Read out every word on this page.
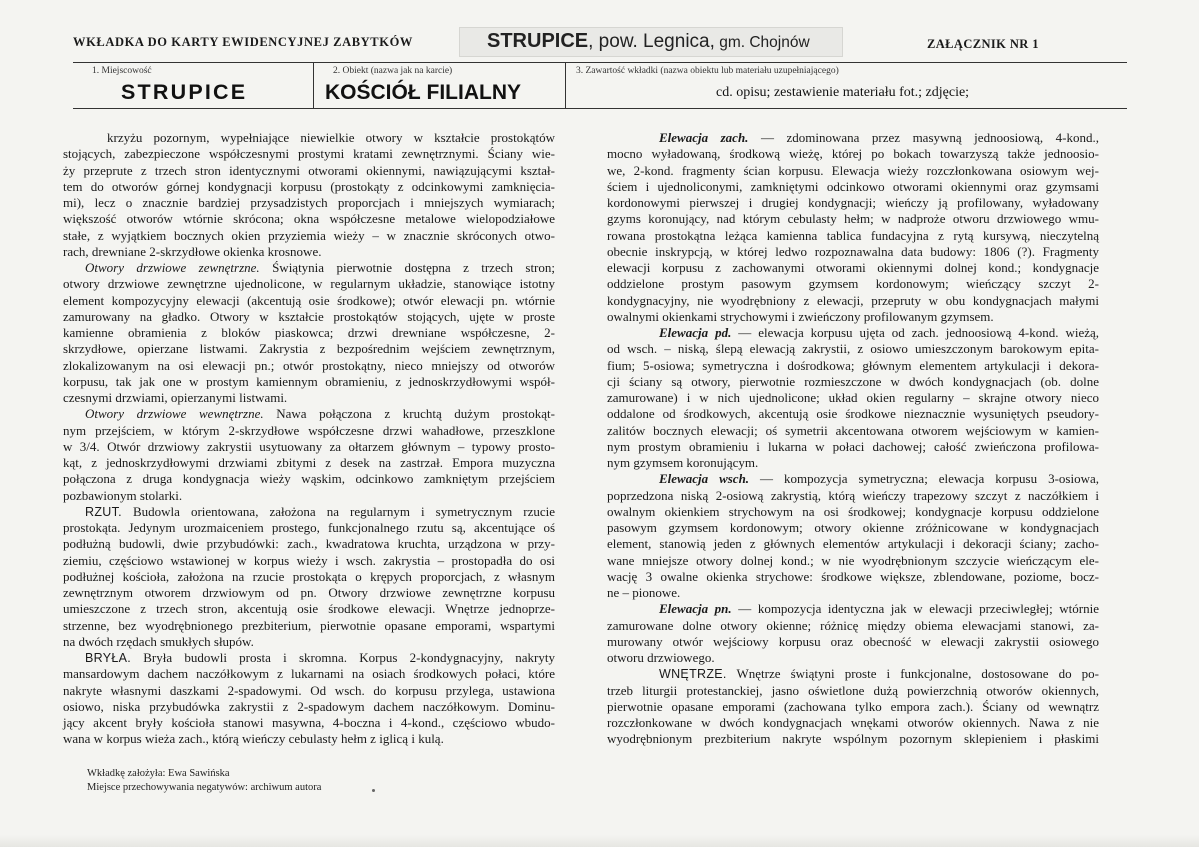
WKŁADKA DO KARTY EWIDENCYJNEJ ZABYTKÓW	STRUPICE, pow. Legnica, gm. Chojnów	ZAŁĄCZNIK NR 1
1. Miejscowość
STRUPICE
2. Obiekt (nazwa jak na karcie)
KOŚCIÓŁ FILIALNY
3. Zawartość wkładki (nazwa obiektu lub materiału uzupełniającego)
cd. opisu; zestawienie materiału fot.; zdjęcie;
krzyżu pozornym, wypełniające niewielkie otwory w kształcie prostokątów
stojących, zabezpieczone współczesnymi prostymi kratami zewnętrznymi. Ściany wie-
ży przeprute z trzech stron identycznymi otworami okiennymi, nawiązującymi kształ-
tem do otworów górnej kondygnacji korpusu (prostokąty z odcinkowymi zamknięcia-
mi), lecz o znacznie bardziej przysadzistych proporcjach i mniejszych wymiarach;
większość otworów wtórnie skrócona; okna współczesne metalowe wielopodziałowe
stałe, z wyjątkiem bocznych okien przyziemia wieży – w znacznie skróconych otwo-
rach, drewniane 2-skrzydłowe okienka krosnowe.
Otwory drzwiowe zewnętrzne. Świątynia pierwotnie dostępna z trzech stron;
otwory drzwiowe zewnętrzne ujednolicone, w regularnym układzie, stanowiące istotny
element kompozycyjny elewacji (akcentują osie środkowe); otwór elewacji pn. wtórnie
zamurowany na gładko. Otwory w kształcie prostokątów stojących, ujęte w proste
kamienne obramienia z bloków piaskowca; drzwi drewniane współczesne, 2-
skrzydłowe, opierzane listwami. Zakrystia z bezpośrednim wejściem zewnętrznym,
zlokalizowanym na osi elewacji pn.; otwór prostokątny, nieco mniejszy od otworów
korpusu, tak jak one w prostym kamiennym obramieniu, z jednoskrzydłowymi współ-
czesnymi drzwiami, opierzanymi listwami.
Otwory drzwiowe wewnętrzne. Nawa połączona z kruchtą dużym prostokąt-
nym przejściem, w którym 2-skrzydłowe współczesne drzwi wahadłowe, przeszklone
w 3/4. Otwór drzwiowy zakrystii usytuowany za ołtarzem głównym – typowy prosto-
kąt, z jednoskrzydłowymi drzwiami zbitymi z desek na zastrzał. Empora muzyczna
połączona z druga kondygnacja wieży wąskim, odcinkowo zamkniętym przejściem
pozbawionym stolarki.
RZUT. Budowla orientowana, założona na regularnym i symetrycznym rzucie
prostokąta. Jedynym urozmaiceniem prostego, funkcjonalnego rzutu są, akcentujące oś
podłużną budowli, dwie przybudówki: zach., kwadratowa kruchta, urządzona w przy-
ziemiu, częściowo wstawionej w korpus wieży i wsch. zakrystia – prostopadła do osi
podłużnej kościoła, założona na rzucie prostokąta o krępych proporcjach, z własnym
zewnętrznym otworem drzwiowym od pn. Otwory drzwiowe zewnętrzne korpusu
umieszczone z trzech stron, akcentują osie środkowe elewacji. Wnętrze jednoprze-
strzenne, bez wyodrębnionego prezbiterium, pierwotnie opasane emporami, wspartymi
na dwóch rzędach smukłych słupów.
BRYŁA. Bryła budowli prosta i skromna. Korpus 2-kondygnacyjny, nakryty
mansardowym dachem naczółkowym z lukarnami na osiach środkowych połaci, które
nakryte własnymi daszkami 2-spadowymi. Od wsch. do korpusu przylega, ustawiona
osiowo, niska przybudówka zakrystii z 2-spadowym dachem naczółkowym. Dominu-
jący akcent bryły kościoła stanowi masywna, 4-boczna i 4-kond., częściowo wbudo-
wana w korpus wieża zach., którą wieńczy cebulasty hełm z iglicą i kulą.
Elewacja zach. — zdominowana przez masywną jednoosiową, 4-kond.,
mocno wyładowaną, środkową wieżę, której po bokach towarzyszą także jednoosio-
we, 2-kond. fragmenty ścian korpusu. Elewacja wieży rozczłonkowana osiowym wej-
ściem i ujednoliconymi, zamkniętymi odcinkowo otworami okiennymi oraz gzymsami
kordonowymi pierwszej i drugiej kondygnacji; wieńczy ją profilowany, wyładowany
gzyms koronujący, nad którym cebulasty hełm; w nadproże otworu drzwiowego wmu-
rowana prostokątna leżąca kamienna tablica fundacyjna z rytą kursywą, nieczytelną
obecnie inskrypcją, w której ledwo rozpoznawalna data budowy: 1806 (?). Fragmenty
elewacji korpusu z zachowanymi otworami okiennymi dolnej kond.; kondygnacje
oddzielone prostym pasowym gzymsem kordonowym; wieńczący szczyt 2-
kondygnacyjny, nie wyodrębniony z elewacji, przepruty w obu kondygnacjach małymi
owalnymi okienkami strychowymi i zwieńczony profilowanym gzymsem.
Elewacja pd. — elewacja korpusu ujęta od zach. jednoosiową 4-kond. wieżą,
od wsch. – niską, ślepą elewacją zakrystii, z osiowo umieszczonym barokowym epita-
fium; 5-osiowa; symetryczna i dośrodkowa; głównym elementem artykulacji i dekora-
cji ściany są otwory, pierwotnie rozmieszczone w dwóch kondygnacjach (ob. dolne
zamurowane) i w nich ujednolicone; układ okien regularny – skrajne otwory nieco
oddalone od środkowych, akcentują osie środkowe nieznacznie wysuniętych pseudory-
zalitów bocznych elewacji; oś symetrii akcentowana otworem wejściowym w kamien-
nym prostym obramieniu i lukarna w połaci dachowej; całość zwieńczona profilowa-
nym gzymsem koronującym.
Elewacja wsch. — kompozycja symetryczna; elewacja korpusu 3-osiowa,
poprzedzona niską 2-osiową zakrystią, którą wieńczy trapezowy szczyt z naczółkiem i
owalnym okienkiem strychowym na osi środkowej; kondygnacje korpusu oddzielone
pasowym gzymsem kordonowym; otwory okienne zróżnicowane w kondygnacjach
element, stanowią jeden z głównych elementów artykulacji i dekoracji ściany; zacho-
wane mniejsze otwory dolnej kond.; w nie wyodrębnionym szczycie wieńczącym ele-
wację 3 owalne okienka strychowe: środkowe większe, zblendowane, poziome, bocz-
ne – pionowe.
Elewacja pn. — kompozycja identyczna jak w elewacji przeciwległej; wtórnie
zamurowane dolne otwory okienne; różnicę między obiema elewacjami stanowi, za-
murowany otwór wejściowy korpusu oraz obecność w elewacji zakrystii osiowego
otworu drzwiowego.
WNĘTRZE. Wnętrze świątyni proste i funkcjonalne, dostosowane do po-
trzeb liturgii protestanckiej, jasno oświetlone dużą powierzchnią otworów okiennych,
pierwotnie opasane emporami (zachowana tylko empora zach.). Ściany od wewnątrz
rozczłonkowane w dwóch kondygnacjach wnękami otworów okiennych. Nawa z nie
wyodrębnionym prezbiterium nakryte wspólnym pozornym sklepieniem i płaskimi
Wkładkę założyła: Ewa Sawińska
Miejsce przechowywania negatywów: archiwum autora
